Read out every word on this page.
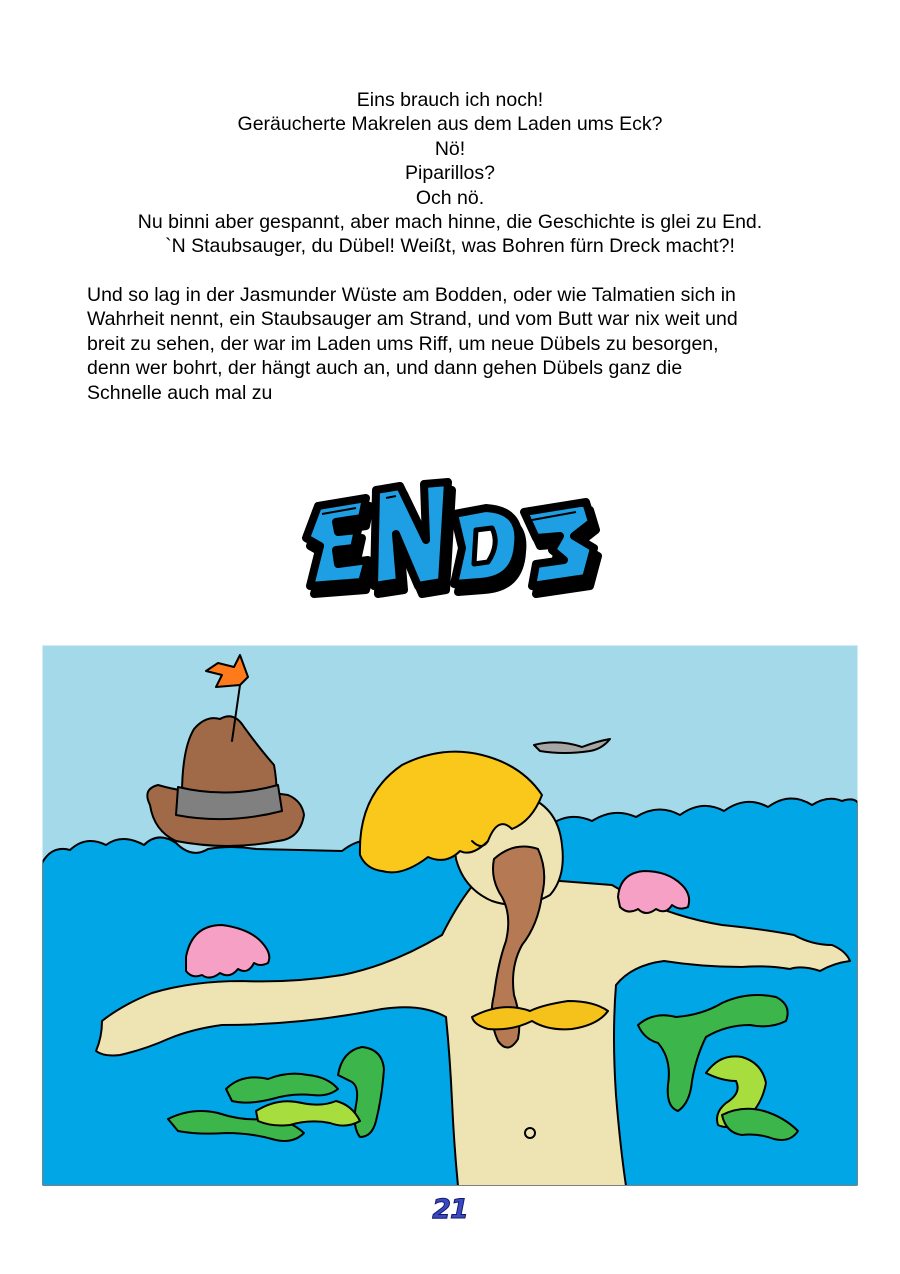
Eins brauch ich noch!

Geräucherte Makrelen aus dem Laden ums Eck?

Nö!

Piparillos?

Och nö.

Nu binni aber gespannt, aber mach hinne, die Geschichte is glei zu End.

`N Staubsauger, du Dübel! Weißt, was Bohren fürn Dreck macht?!

Und so lag in der Jasmunder Wüste am Bodden, oder wie Talmatien sich in

Wahrheit nennt, ein Staubsauger am Strand, und vom Butt war nix weit und

breit zu sehen, der war im Laden ums Riff, um neue Dübels zu besorgen,

denn wer bohrt, der hängt auch an, und dann gehen Dübels ganz die

Schnelle auch mal zu

21
